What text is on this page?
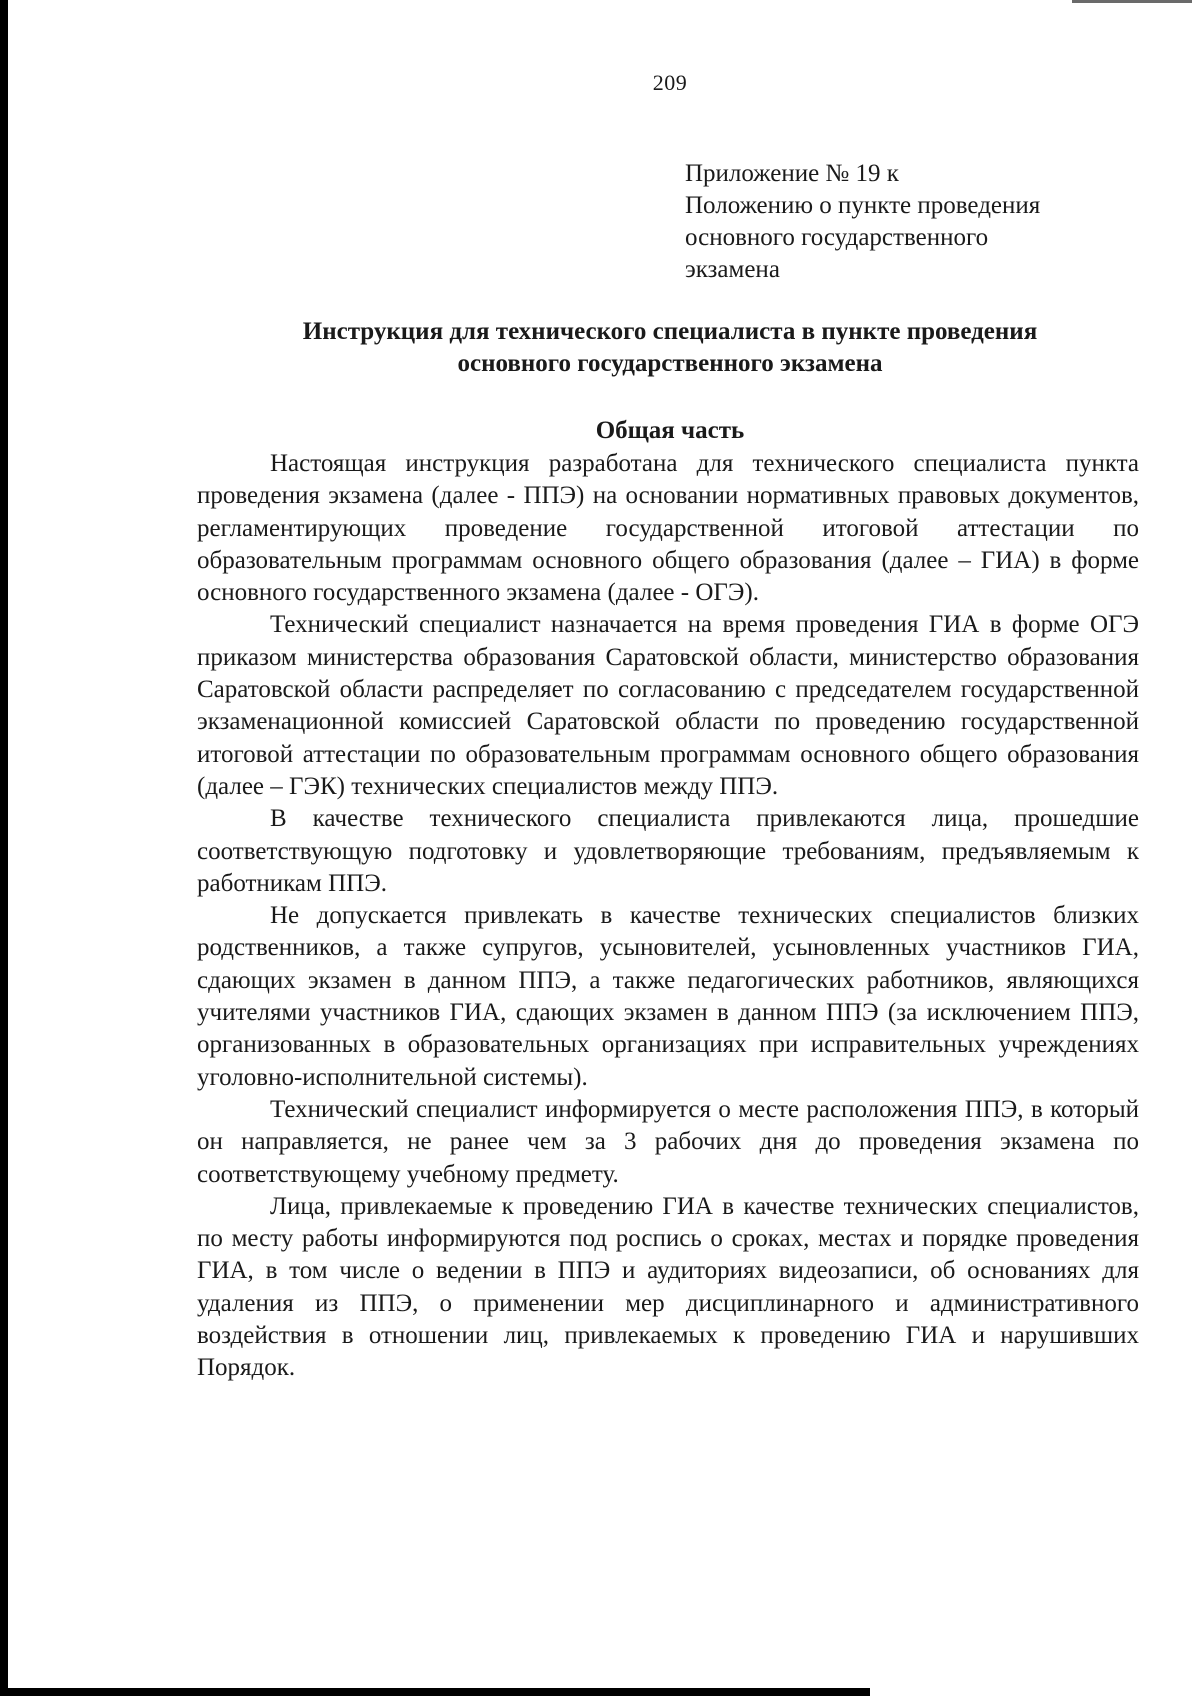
209
Приложение № 19 к
Положению о пункте проведения
основного государственного
экзамена
Инструкция для технического специалиста в пункте проведения
основного государственного экзамена
Общая часть

Настоящая инструкция разработана для технического специалиста пункта проведения экзамена (далее - ППЭ) на основании нормативных правовых документов, регламентирующих проведение государственной итоговой аттестации по образовательным программам основного общего образования (далее – ГИА) в форме основного государственного экзамена (далее - ОГЭ).

Технический специалист назначается на время проведения ГИА в форме ОГЭ приказом министерства образования Саратовской области, министерство образования Саратовской области распределяет по согласованию с председателем государственной экзаменационной комиссией Саратовской области по проведению государственной итоговой аттестации по образовательным программам основного общего образования (далее – ГЭК) технических специалистов между ППЭ.

В качестве технического специалиста привлекаются лица, прошедшие соответствующую подготовку и удовлетворяющие требованиям, предъявляемым к работникам ППЭ.

Не допускается привлекать в качестве технических специалистов близких родственников, а также супругов, усыновителей, усыновленных участников ГИА, сдающих экзамен в данном ППЭ, а также педагогических работников, являющихся учителями участников ГИА, сдающих экзамен в данном ППЭ (за исключением ППЭ, организованных в образовательных организациях при исправительных учреждениях уголовно-исполнительной системы).

Технический специалист информируется о месте расположения ППЭ, в который он направляется, не ранее чем за 3 рабочих дня до проведения экзамена по соответствующему учебному предмету.

Лица, привлекаемые к проведению ГИА в качестве технических специалистов, по месту работы информируются под роспись о сроках, местах и порядке проведения ГИА, в том числе о ведении в ППЭ и аудиториях видеозаписи, об основаниях для удаления из ППЭ, о применении мер дисциплинарного и административного воздействия в отношении лиц, привлекаемых к проведению ГИА и нарушивших Порядок.
